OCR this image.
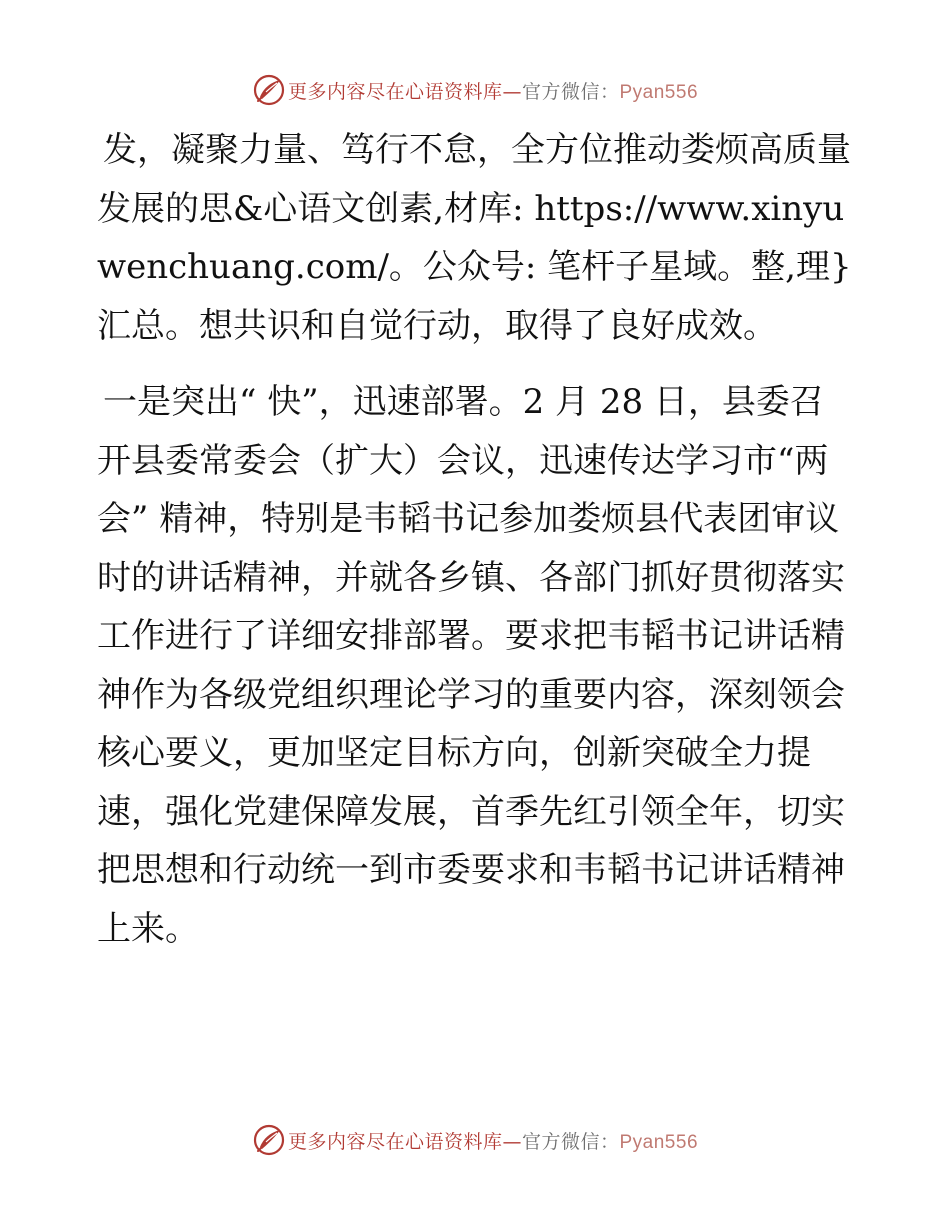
更多内容尽在心语资料库—官方微信：Pyan556

发，凝聚力量、笃行不怠，全方位推动娄烦高质量发展的思&心语文创素,材库: https://www.xinyuwenchuang.com/。公众号: 笔杆子星域。整,理}汇总。想共识和自觉行动，取得了良好成效。

一是突出“ 快”，迅速部署。2 月 28 日，县委召开县委常委会（扩大）会议，迅速传达学习市“两会” 精神，特别是韦韬书记参加娄烦县代表团审议时的讲话精神，并就各乡镇、各部门抓好贯彻落实工作进行了详细安排部署。要求把韦韬书记讲话精神作为各级党组织理论学习的重要内容，深刻领会核心要义，更加坚定目标方向，创新突破全力提速，强化党建保障发展，首季先红引领全年，切实把思想和行动统一到市委要求和韦韬书记讲话精神上来。

更多内容尽在心语资料库—官方微信：Pyan556
